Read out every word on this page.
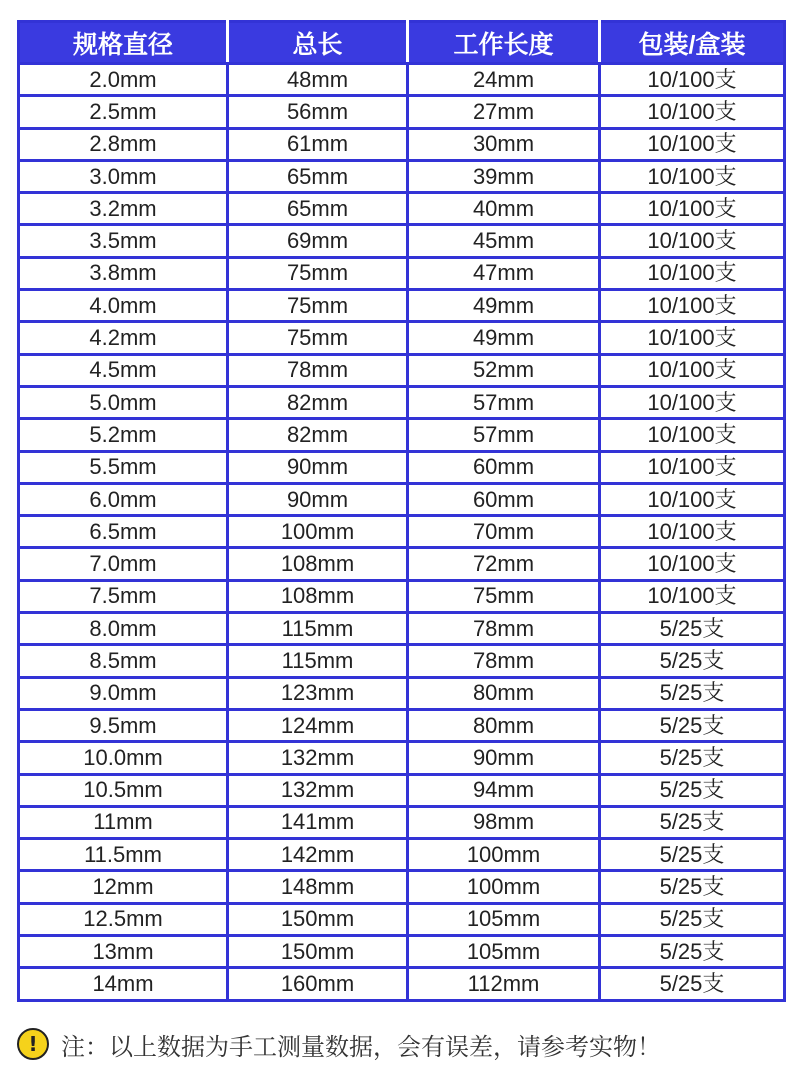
规格直径	总长	工作长度	包装/盒装
2.0mm	48mm	24mm	10/100支
2.5mm	56mm	27mm	10/100支
2.8mm	61mm	30mm	10/100支
3.0mm	65mm	39mm	10/100支
3.2mm	65mm	40mm	10/100支
3.5mm	69mm	45mm	10/100支
3.8mm	75mm	47mm	10/100支
4.0mm	75mm	49mm	10/100支
4.2mm	75mm	49mm	10/100支
4.5mm	78mm	52mm	10/100支
5.0mm	82mm	57mm	10/100支
5.2mm	82mm	57mm	10/100支
5.5mm	90mm	60mm	10/100支
6.0mm	90mm	60mm	10/100支
6.5mm	100mm	70mm	10/100支
7.0mm	108mm	72mm	10/100支
7.5mm	108mm	75mm	10/100支
8.0mm	115mm	78mm	5/25支
8.5mm	115mm	78mm	5/25支
9.0mm	123mm	80mm	5/25支
9.5mm	124mm	80mm	5/25支
10.0mm	132mm	90mm	5/25支
10.5mm	132mm	94mm	5/25支
11mm	141mm	98mm	5/25支
11.5mm	142mm	100mm	5/25支
12mm	148mm	100mm	5/25支
12.5mm	150mm	105mm	5/25支
13mm	150mm	105mm	5/25支
14mm	160mm	112mm	5/25支
! 注：以上数据为手工测量数据，会有误差，请参考实物！
